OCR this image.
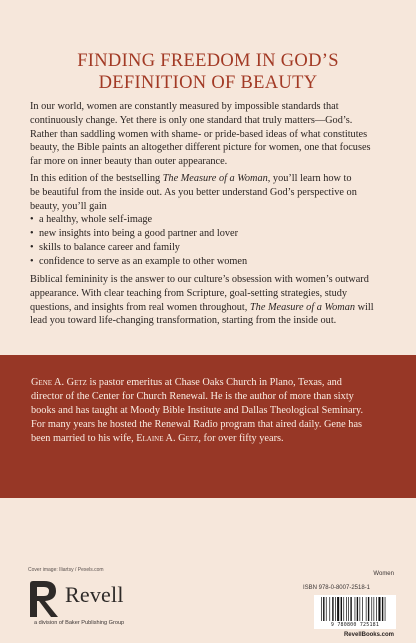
FINDING FREEDOM IN GOD’S
DEFINITION OF BEAUTY
In our world, women are constantly measured by impossible standards that
continuously change. Yet there is only one standard that truly matters—God’s.
Rather than saddling women with shame- or pride-based ideas of what constitutes
beauty, the Bible paints an altogether different picture for women, one that focuses
far more on inner beauty than outer appearance.
In this edition of the bestselling The Measure of a Woman, you’ll learn how to
be beautiful from the inside out. As you better understand God’s perspective on
beauty, you’ll gain
• a healthy, whole self-image
• new insights into being a good partner and lover
• skills to balance career and family
• confidence to serve as an example to other women
Biblical femininity is the answer to our culture’s obsession with women’s outward
appearance. With clear teaching from Scripture, goal-setting strategies, study
questions, and insights from real women throughout, The Measure of a Woman will
lead you toward life-changing transformation, starting from the inside out.
Gene A. Getz is pastor emeritus at Chase Oaks Church in Plano, Texas, and
director of the Center for Church Renewal. He is the author of more than sixty
books and has taught at Moody Bible Institute and Dallas Theological Seminary.
For many years he hosted the Renewal Radio program that aired daily. Gene has
been married to his wife, Elaine A. Getz, for over fifty years.
Cover image: Iliartsy / Pexels.com
Revell
a division of Baker Publishing Group
Women
ISBN 978-0-8007-2518-1
9 780800 725181
RevellBooks.com
